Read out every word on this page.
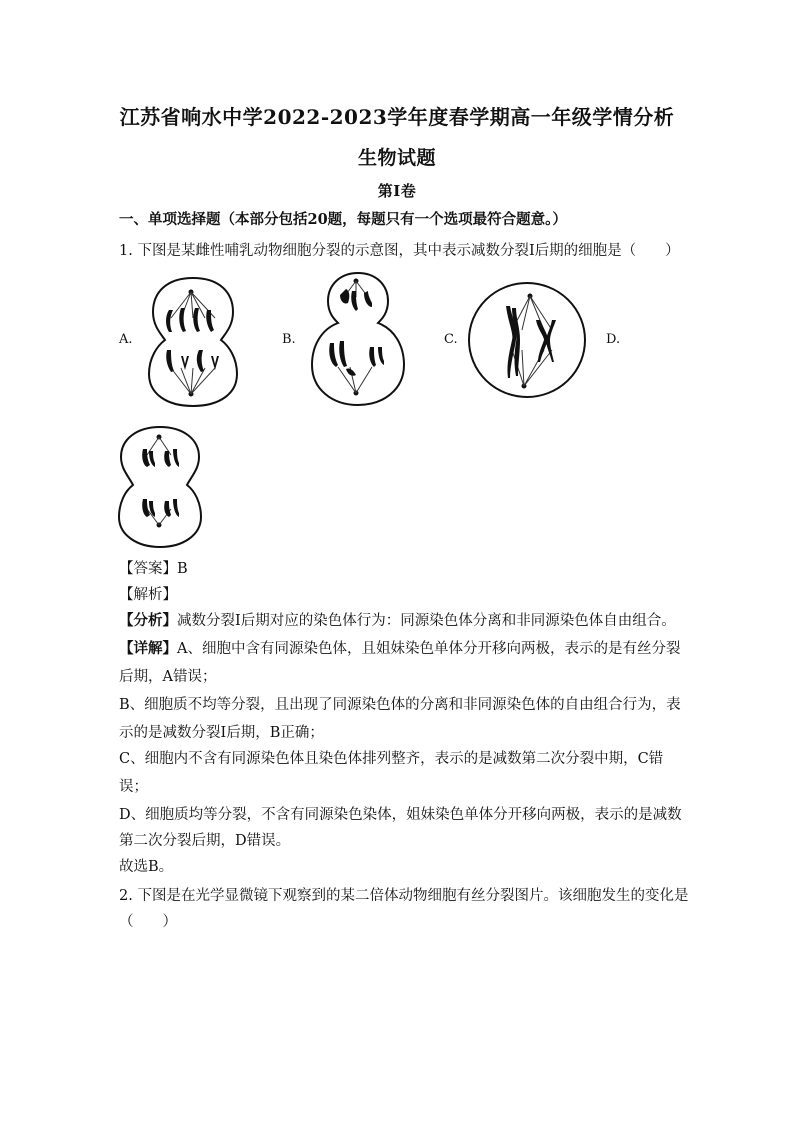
江苏省响水中学2022-2023学年度春学期高一年级学情分析
生物试题
第I卷
一、单项选择题（本部分包括20题，每题只有一个选项最符合题意。）
1. 下图是某雌性哺乳动物细胞分裂的示意图，其中表示减数分裂Ⅰ后期的细胞是（　　）
A.	B.	C.	D.
【答案】B
【解析】
【分析】减数分裂Ⅰ后期对应的染色体行为：同源染色体分离和非同源染色体自由组合。
【详解】A、细胞中含有同源染色体，且姐妹染色单体分开移向两极，表示的是有丝分裂
后期，A错误；
B、细胞质不均等分裂，且出现了同源染色体的分离和非同源染色体的自由组合行为，表
示的是减数分裂Ⅰ后期，B正确；
C、细胞内不含有同源染色体且染色体排列整齐，表示的是减数第二次分裂中期，C错
误；
D、细胞质均等分裂，不含有同源染色染体，姐妹染色单体分开移向两极，表示的是减数
第二次分裂后期，D错误。
故选B。
2. 下图是在光学显微镜下观察到的某二倍体动物细胞有丝分裂图片。该细胞发生的变化是
（　　）
